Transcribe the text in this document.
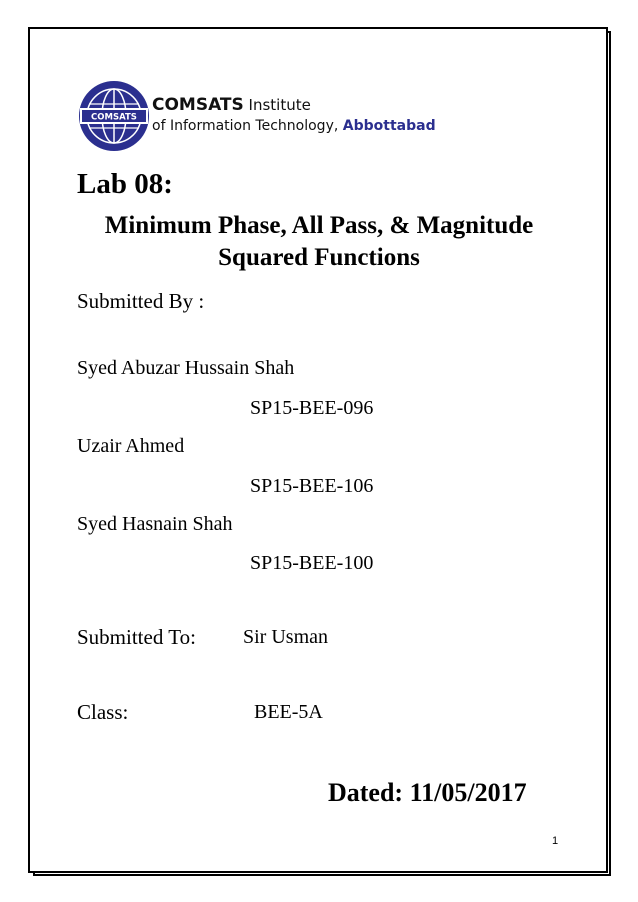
COMSATS
COMSATS Institute
of Information Technology, Abbottabad
Lab 08:
Minimum Phase, All Pass, & Magnitude
Squared Functions
Submitted By :
Syed Abuzar Hussain Shah
SP15-BEE-096
Uzair Ahmed
SP15-BEE-106
Syed Hasnain Shah
SP15-BEE-100
Submitted To: Sir Usman
Class:	BEE-5A
Dated: 11/05/2017
1
